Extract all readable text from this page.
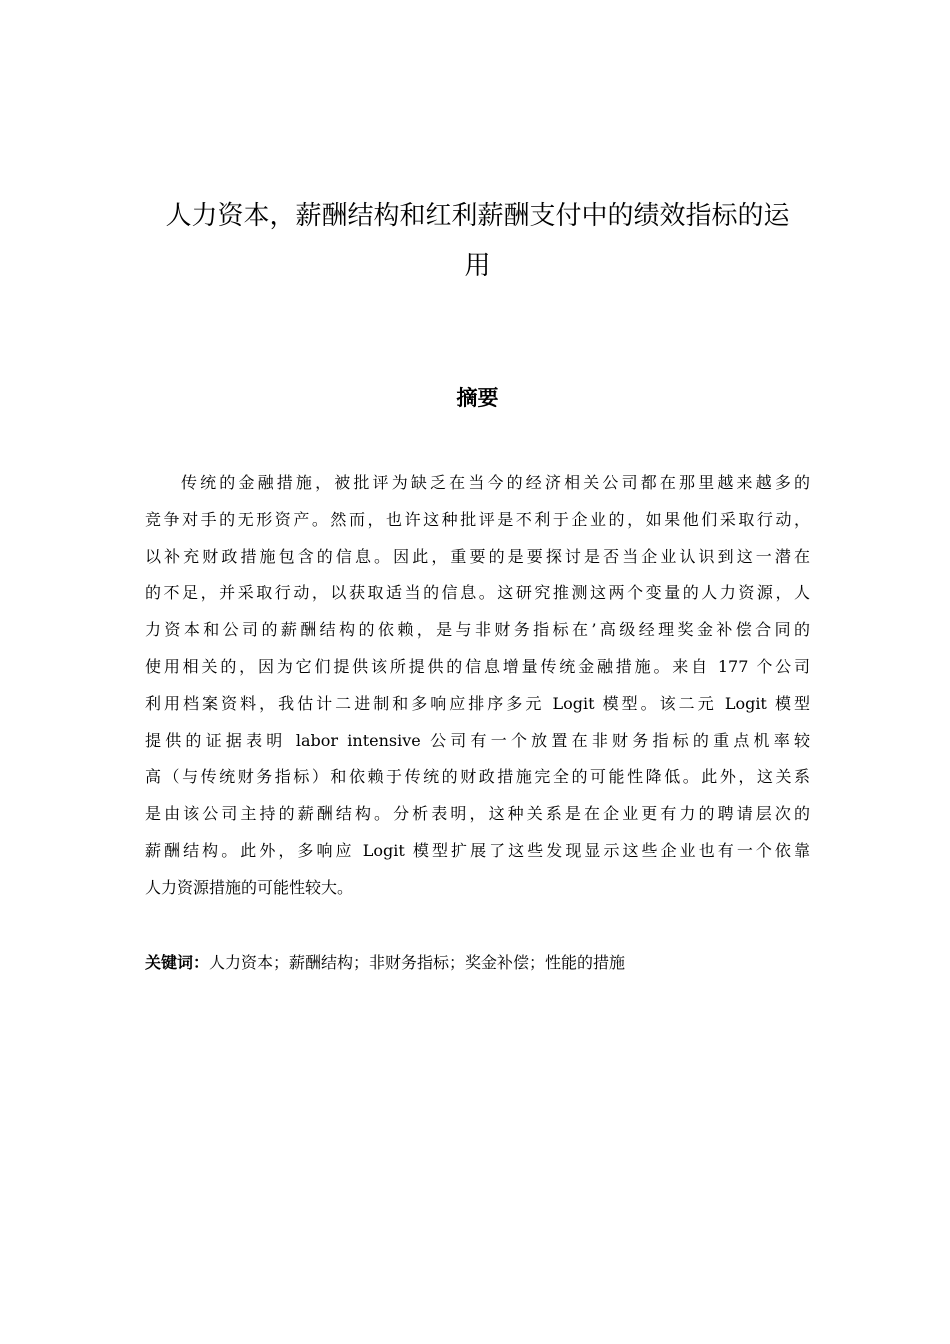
人力资本，薪酬结构和红利薪酬支付中的绩效指标的运
用
摘要
传统的金融措施，被批评为缺乏在当今的经济相关公司都在那里越来越多的
竞争对手的无形资产。然而，也许这种批评是不利于企业的，如果他们采取行动，
以补充财政措施包含的信息。因此，重要的是要探讨是否当企业认识到这一潜在
的不足，并采取行动，以获取适当的信息。这研究推测这两个变量的人力资源，人
力资本和公司的薪酬结构的依赖，是与非财务指标在’高级经理奖金补偿合同的
使用相关的，因为它们提供该所提供的信息增量传统金融措施。来自 177 个公司
利用档案资料，我估计二进制和多响应排序多元 Logit 模型。该二元 Logit 模型
提供的证据表明 labor intensive 公司有一个放置在非财务指标的重点机率较
高（与传统财务指标）和依赖于传统的财政措施完全的可能性降低。此外，这关系
是由该公司主持的薪酬结构。分析表明，这种关系是在企业更有力的聘请层次的
薪酬结构。此外，多响应 Logit 模型扩展了这些发现显示这些企业也有一个依靠
人力资源措施的可能性较大。

关键词：人力资本；薪酬结构；非财务指标；奖金补偿；性能的措施
